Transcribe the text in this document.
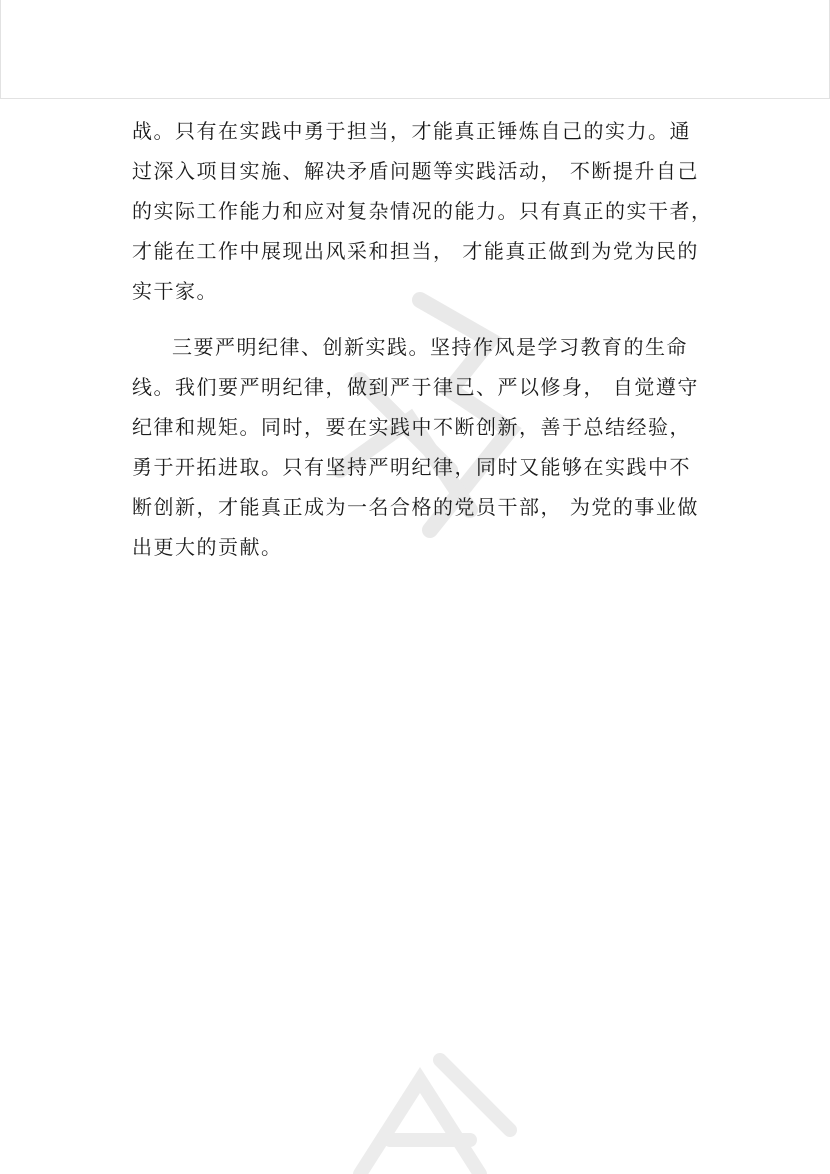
战。只有在实践中勇于担当，才能真正锤炼自己的实力。通
过深入项目实施、解决矛盾问题等实践活动， 不断提升自己
的实际工作能力和应对复杂情况的能力。只有真正的实干者，
才能在工作中展现出风采和担当， 才能真正做到为党为民的
实干家。
三要严明纪律、创新实践。坚持作风是学习教育的生命
线。我们要严明纪律，做到严于律己、严以修身， 自觉遵守
纪律和规矩。同时，要在实践中不断创新，善于总结经验，
勇于开拓进取。只有坚持严明纪律，同时又能够在实践中不
断创新，才能真正成为一名合格的党员干部， 为党的事业做
出更大的贡献。
